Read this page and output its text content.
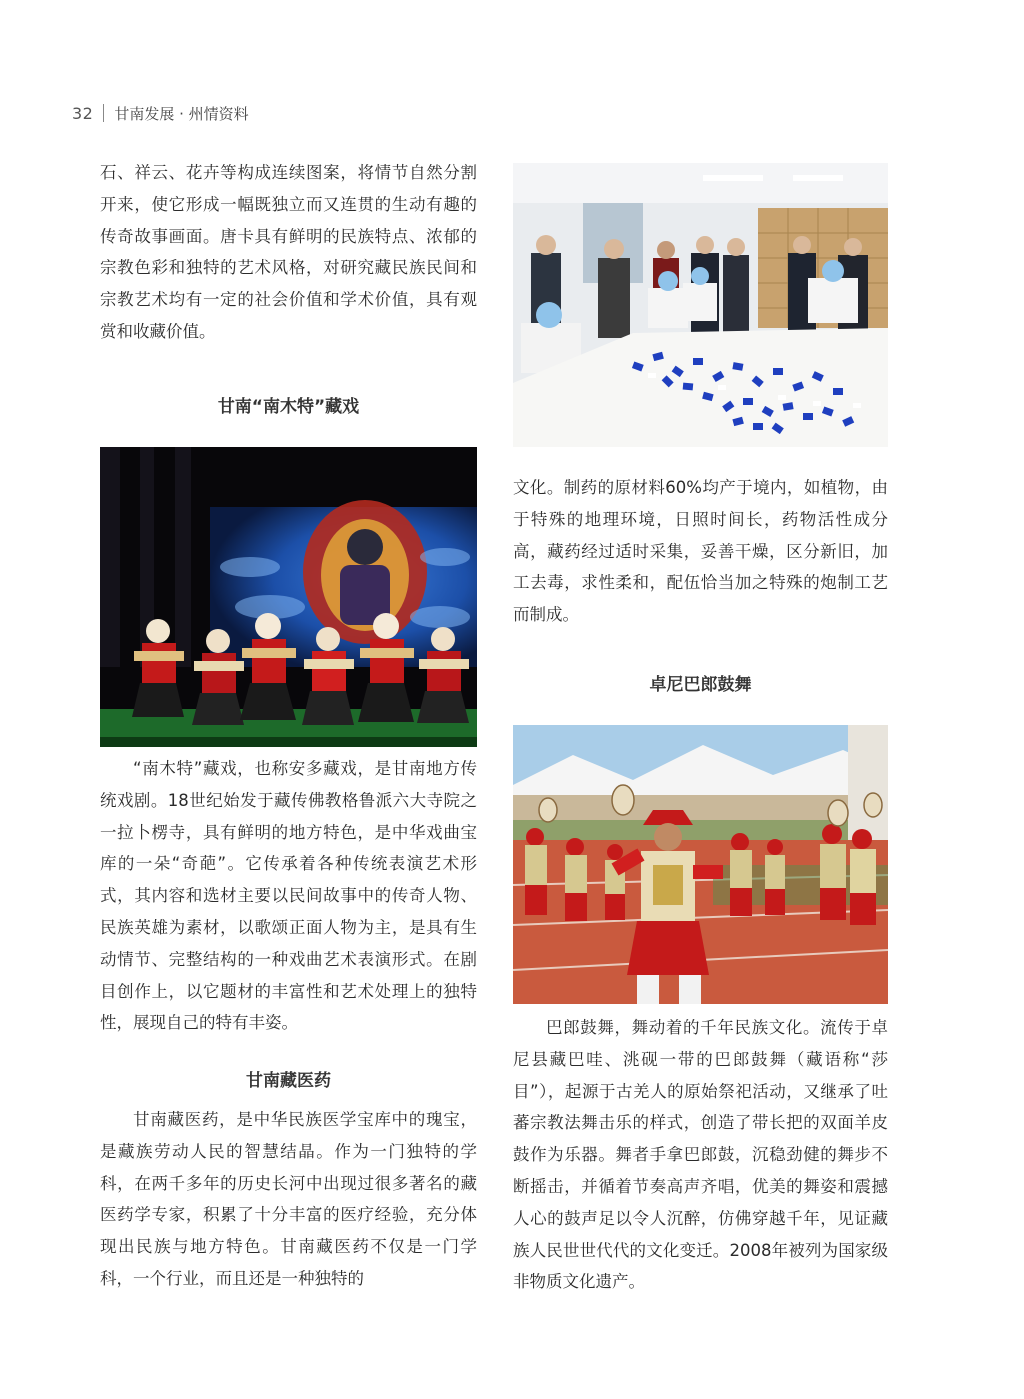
32 甘南发展 · 州情资料

石、祥云、花卉等构成连续图案，将情节自然分割开来，使它形成一幅既独立而又连贯的生动有趣的传奇故事画面。唐卡具有鲜明的民族特点、浓郁的宗教色彩和独特的艺术风格，对研究藏民族民间和宗教艺术均有一定的社会价值和学术价值，具有观赏和收藏价值。

甘南“南木特”藏戏

“南木特”藏戏，也称安多藏戏，是甘南地方传统戏剧。18世纪始发于藏传佛教格鲁派六大寺院之一拉卜楞寺，具有鲜明的地方特色，是中华戏曲宝库的一朵“奇葩”。它传承着各种传统表演艺术形式，其内容和选材主要以民间故事中的传奇人物、民族英雄为素材，以歌颂正面人物为主，是具有生动情节、完整结构的一种戏曲艺术表演形式。在剧目创作上，以它题材的丰富性和艺术处理上的独特性，展现自己的特有丰姿。

甘南藏医药

甘南藏医药，是中华民族医学宝库中的瑰宝，是藏族劳动人民的智慧结晶。作为一门独特的学科，在两千多年的历史长河中出现过很多著名的藏医药学专家，积累了十分丰富的医疗经验，充分体现出民族与地方特色。甘南藏医药不仅是一门学科，一个行业，而且还是一种独特的

文化。制药的原材料60%均产于境内，如植物，由于特殊的地理环境，日照时间长，药物活性成分高，藏药经过适时采集，妥善干燥，区分新旧，加工去毒，求性柔和，配伍恰当加之特殊的炮制工艺而制成。

卓尼巴郎鼓舞

巴郎鼓舞，舞动着的千年民族文化。流传于卓尼县藏巴哇、洮砚一带的巴郎鼓舞（藏语称“莎目”），起源于古羌人的原始祭祀活动，又继承了吐蕃宗教法舞击乐的样式，创造了带长把的双面羊皮鼓作为乐器。舞者手拿巴郎鼓，沉稳劲健的舞步不断摇击，并循着节奏高声齐唱，优美的舞姿和震撼人心的鼓声足以令人沉醉，仿佛穿越千年，见证藏族人民世世代代的文化变迁。2008年被列为国家级非物质文化遗产。
